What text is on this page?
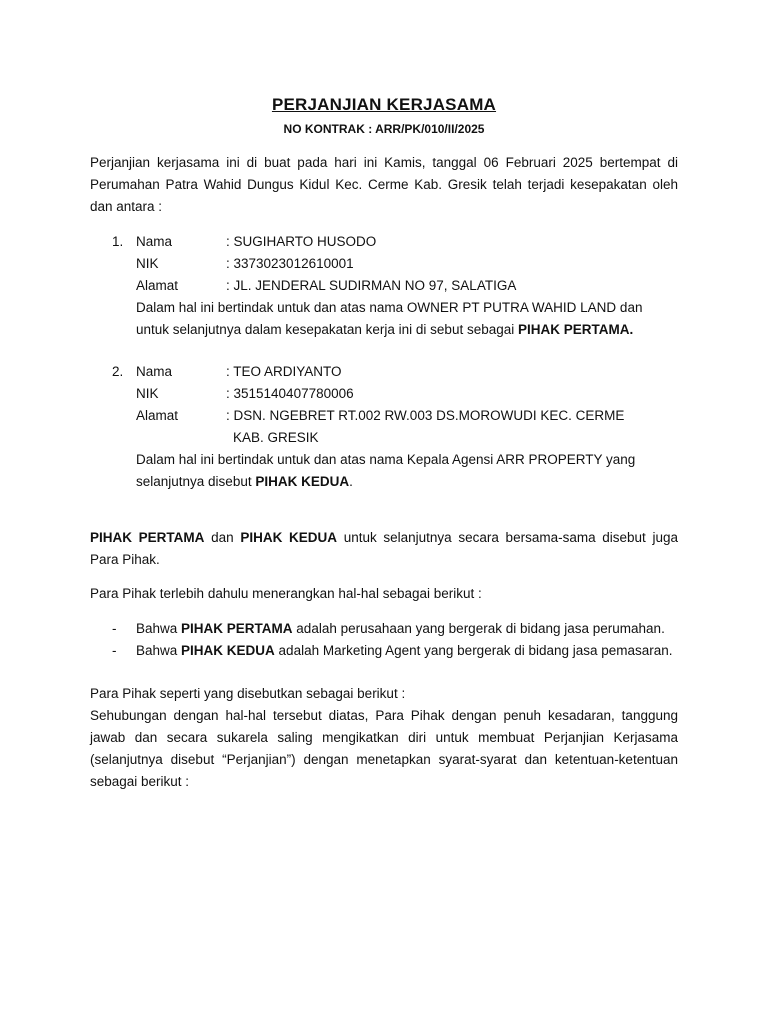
PERJANJIAN KERJASAMA
NO KONTRAK : ARR/PK/010/II/2025
Perjanjian kerjasama ini di buat pada hari ini Kamis, tanggal 06 Februari 2025 bertempat di Perumahan Patra Wahid Dungus Kidul Kec. Cerme Kab. Gresik telah terjadi kesepakatan oleh dan antara :
1. Nama	: SUGIHARTO HUSODO
NIK	: 3373023012610001
Alamat	: JL. JENDERAL SUDIRMAN NO 97, SALATIGA
Dalam hal ini bertindak untuk dan atas nama OWNER PT PUTRA WAHID LAND dan untuk selanjutnya dalam kesepakatan kerja ini di sebut sebagai PIHAK PERTAMA.
2. Nama	: TEO ARDIYANTO
NIK	: 3515140407780006
Alamat	: DSN. NGEBRET RT.002 RW.003 DS.MOROWUDI KEC. CERME
KAB. GRESIK
Dalam hal ini bertindak untuk dan atas nama Kepala Agensi ARR PROPERTY yang selanjutnya disebut PIHAK KEDUA.
PIHAK PERTAMA dan PIHAK KEDUA untuk selanjutnya secara bersama-sama disebut juga Para Pihak.
Para Pihak terlebih dahulu menerangkan hal-hal sebagai berikut :
- Bahwa PIHAK PERTAMA adalah perusahaan yang bergerak di bidang jasa perumahan.
- Bahwa PIHAK KEDUA adalah Marketing Agent yang bergerak di bidang jasa pemasaran.
Para Pihak seperti yang disebutkan sebagai berikut :
Sehubungan dengan hal-hal tersebut diatas, Para Pihak dengan penuh kesadaran, tanggung jawab dan secara sukarela saling mengikatkan diri untuk membuat Perjanjian Kerjasama (selanjutnya disebut “Perjanjian”) dengan menetapkan syarat-syarat dan ketentuan-ketentuan sebagai berikut :
